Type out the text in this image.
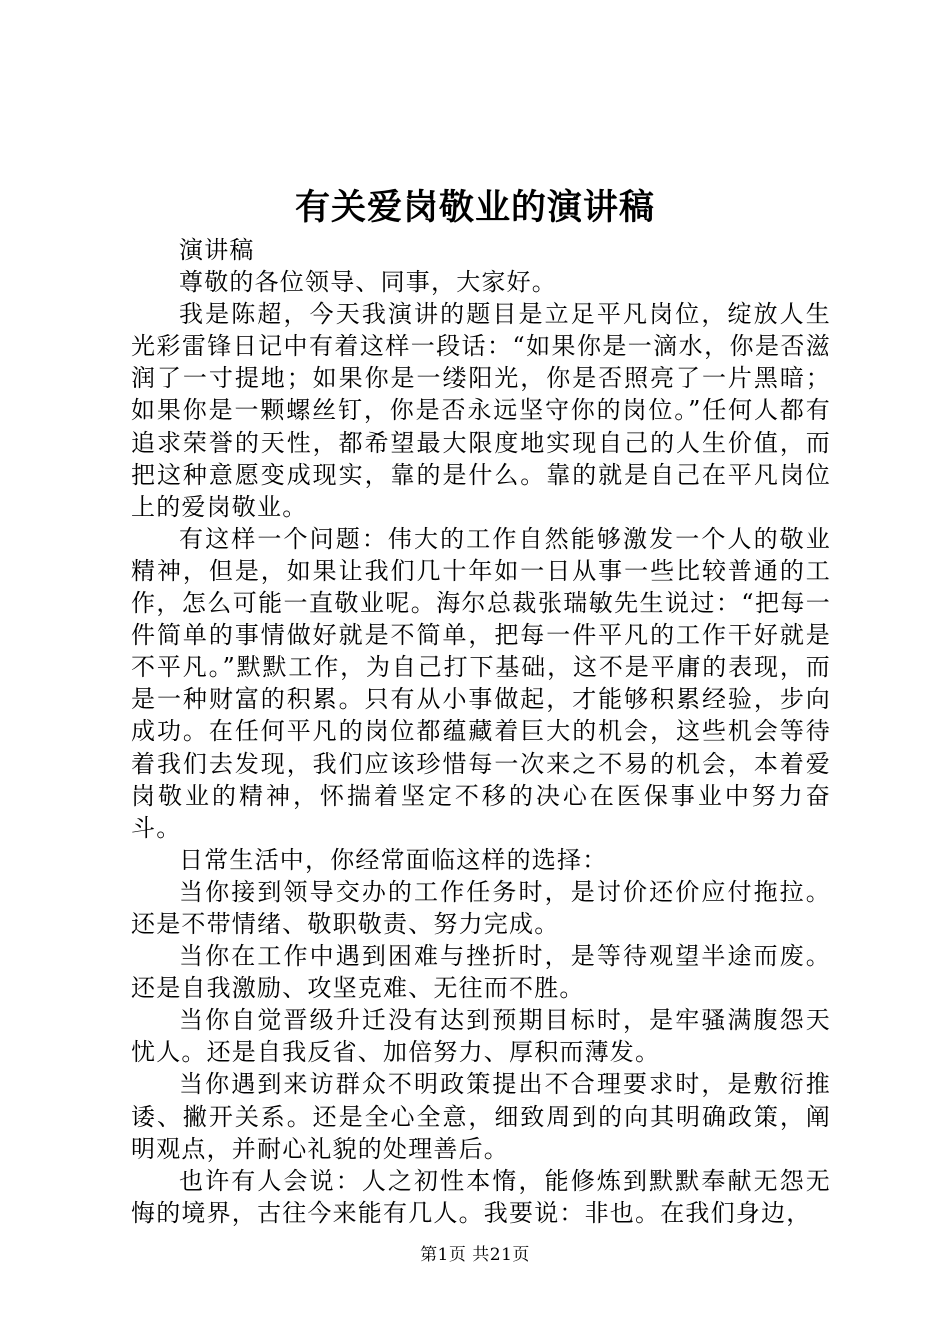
有关爱岗敬业的演讲稿

演讲稿

尊敬的各位领导、同事，大家好。

我是陈超，今天我演讲的题目是立足平凡岗位，绽放人生光彩雷锋日记中有着这样一段话：“如果你是一滴水，你是否滋润了一寸提地；如果你是一缕阳光，你是否照亮了一片黑暗；如果你是一颗螺丝钉，你是否永远坚守你的岗位。”任何人都有追求荣誉的天性，都希望最大限度地实现自己的人生价值，而把这种意愿变成现实，靠的是什么。靠的就是自己在平凡岗位上的爱岗敬业。

有这样一个问题：伟大的工作自然能够激发一个人的敬业精神，但是，如果让我们几十年如一日从事一些比较普通的工作，怎么可能一直敬业呢。海尔总裁张瑞敏先生说过：“把每一件简单的事情做好就是不简单，把每一件平凡的工作干好就是不平凡。”默默工作，为自己打下基础，这不是平庸的表现，而是一种财富的积累。只有从小事做起，才能够积累经验，步向成功。在任何平凡的岗位都蕴藏着巨大的机会，这些机会等待着我们去发现，我们应该珍惜每一次来之不易的机会，本着爱岗敬业的精神，怀揣着坚定不移的决心在医保事业中努力奋斗。

日常生活中，你经常面临这样的选择：

当你接到领导交办的工作任务时，是讨价还价应付拖拉。还是不带情绪、敬职敬责、努力完成。

当你在工作中遇到困难与挫折时，是等待观望半途而废。还是自我激励、攻坚克难、无往而不胜。

当你自觉晋级升迁没有达到预期目标时，是牢骚满腹怨天忧人。还是自我反省、加倍努力、厚积而薄发。

当你遇到来访群众不明政策提出不合理要求时，是敷衍推诿、撇开关系。还是全心全意，细致周到的向其明确政策，阐明观点，并耐心礼貌的处理善后。

也许有人会说：人之初性本惰，能修炼到默默奉献无怨无悔的境界，古往今来能有几人。我要说：非也。在我们身边，

第1页 共21页
